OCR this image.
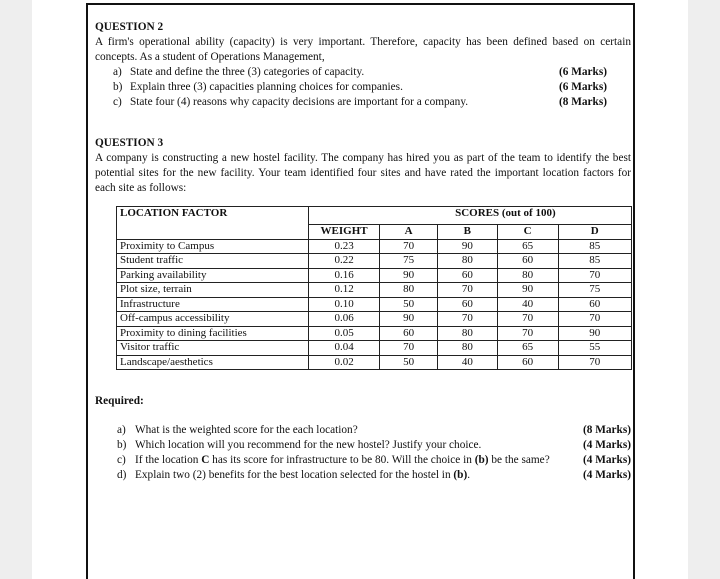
QUESTION 2

A firm's operational ability (capacity) is very important. Therefore, capacity has been defined based on certain concepts. As a student of Operations Management,

a) State and define the three (3) categories of capacity.	(6 Marks)
b) Explain three (3) capacities planning choices for companies.	(6 Marks)
c) State four (4) reasons why capacity decisions are important for a company.	(8 Marks)
QUESTION 3

A company is constructing a new hostel facility. The company has hired you as part of the team to identify the best potential sites for the new facility. Your team identified four sites and have rated the important location factors for each site as follows:

LOCATION FACTOR		SCORES (out of 100)			
	WEIGHT	A	B	C	D
Proximity to Campus	0.23	70	90	65	85
Student traffic	0.22	75	80	60	85
Parking availability	0.16	90	60	80	70
Plot size, terrain	0.12	80	70	90	75
Infrastructure	0.10	50	60	40	60
Off-campus accessibility	0.06	90	70	70	70
Proximity to dining facilities	0.05	60	80	70	90
Visitor traffic	0.04	70	80	65	55
Landscape/aesthetics	0.02	50	40	60	70
Required:
a) What is the weighted score for the each location?	(8 Marks)
b) Which location will you recommend for the new hostel? Justify your choice.	(4 Marks)
c) If the location C has its score for infrastructure to be 80. Will the choice in (b) be the same?	(4 Marks)
d) Explain two (2) benefits for the best location selected for the hostel in (b).	(4 Marks)
